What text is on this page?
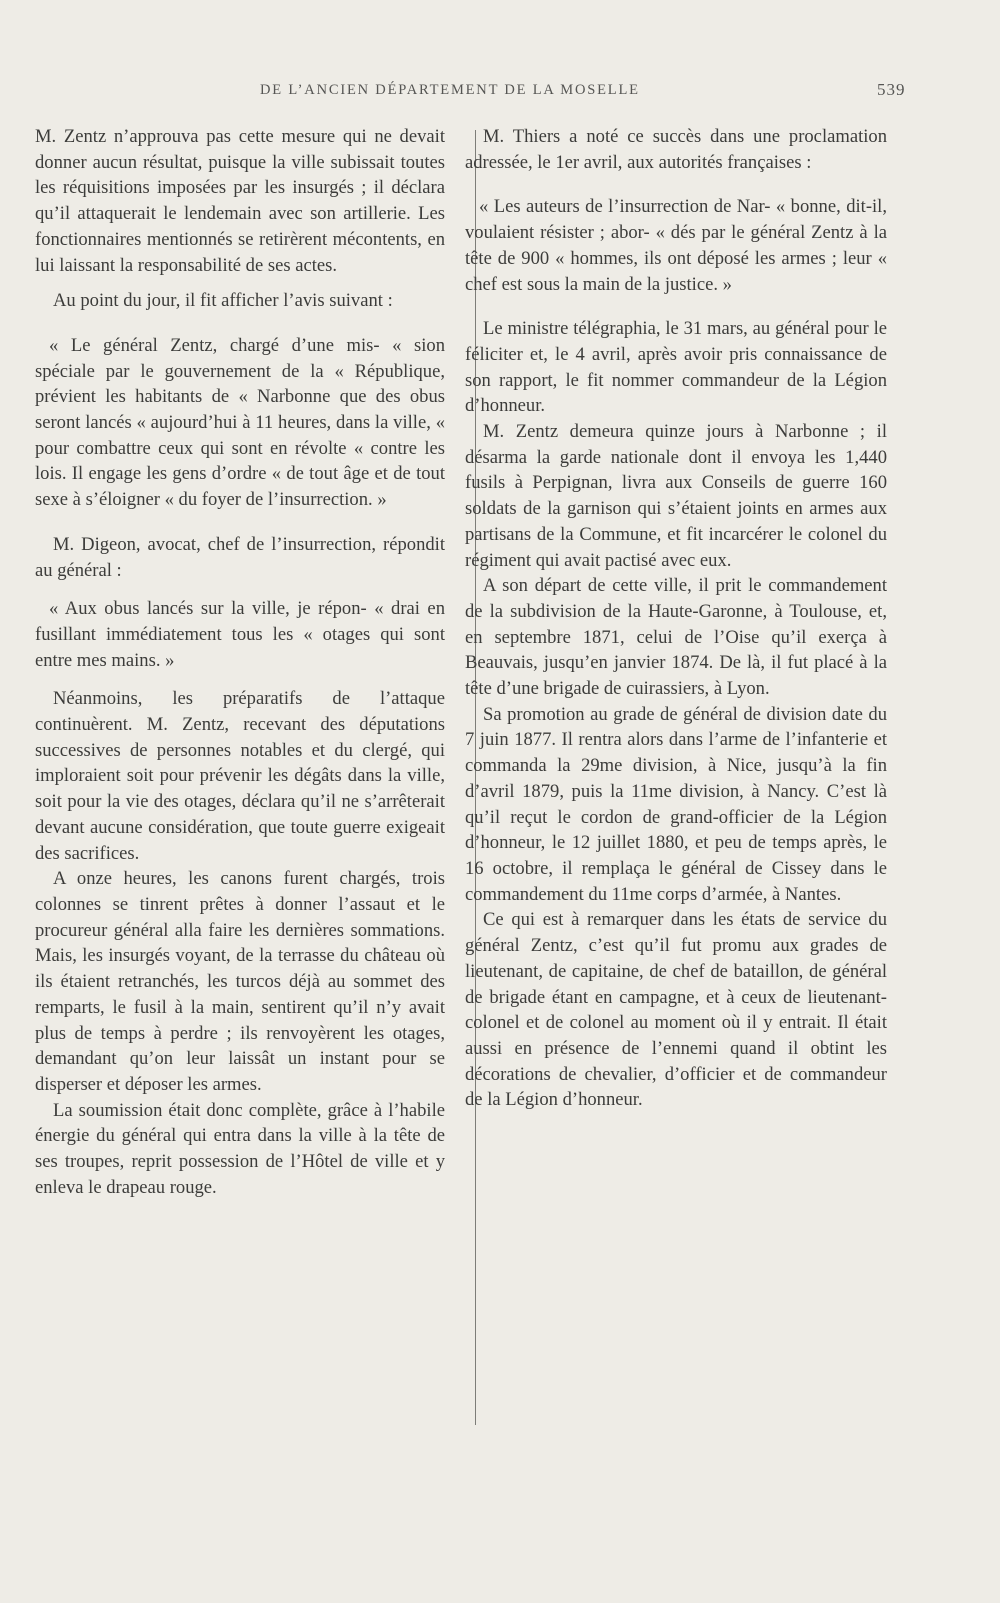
DE L’ANCIEN DÉPARTEMENT DE LA MOSELLE	539

M. Zentz n’approuva pas cette mesure qui ne devait donner aucun résultat, puisque la ville subissait toutes les réquisitions imposées par les insurgés ; il déclara qu’il attaquerait le lendemain avec son artillerie. Les fonctionnaires mentionnés se retirèrent mécontents, en lui laissant la responsabilité de ses actes.

Au point du jour, il fit afficher l’avis suivant :

« Le général Zentz, chargé d’une mis- « sion spéciale par le gouvernement de la « République, prévient les habitants de « Narbonne que des obus seront lancés « aujourd’hui à 11 heures, dans la ville, « pour combattre ceux qui sont en révolte « contre les lois. Il engage les gens d’ordre « de tout âge et de tout sexe à s’éloigner « du foyer de l’insurrection. »

M. Digeon, avocat, chef de l’insurrection, répondit au général :

« Aux obus lancés sur la ville, je répon- « drai en fusillant immédiatement tous les « otages qui sont entre mes mains. »

Néanmoins, les préparatifs de l’attaque continuèrent. M. Zentz, recevant des députations successives de personnes notables et du clergé, qui imploraient soit pour prévenir les dégâts dans la ville, soit pour la vie des otages, déclara qu’il ne s’arrêterait devant aucune considération, que toute guerre exigeait des sacrifices.

A onze heures, les canons furent chargés, trois colonnes se tinrent prêtes à donner l’assaut et le procureur général alla faire les dernières sommations. Mais, les insurgés voyant, de la terrasse du château où ils étaient retranchés, les turcos déjà au sommet des remparts, le fusil à la main, sentirent qu’il n’y avait plus de temps à perdre ; ils renvoyèrent les otages, demandant qu’on leur laissât un instant pour se disperser et déposer les armes.

La soumission était donc complète, grâce à l’habile énergie du général qui entra dans la ville à la tête de ses troupes, reprit possession de l’Hôtel de ville et y enleva le drapeau rouge.

M. Thiers a noté ce succès dans une proclamation adressée, le 1er avril, aux autorités françaises :

« Les auteurs de l’insurrection de Nar- « bonne, dit-il, voulaient résister ; abor- « dés par le général Zentz à la tête de 900 « hommes, ils ont déposé les armes ; leur « chef est sous la main de la justice. »

Le ministre télégraphia, le 31 mars, au général pour le féliciter et, le 4 avril, après avoir pris connaissance de son rapport, le fit nommer commandeur de la Légion d’honneur.

M. Zentz demeura quinze jours à Narbonne ; il désarma la garde nationale dont il envoya les 1,440 fusils à Perpignan, livra aux Conseils de guerre 160 soldats de la garnison qui s’étaient joints en armes aux partisans de la Commune, et fit incarcérer le colonel du régiment qui avait pactisé avec eux.

A son départ de cette ville, il prit le commandement de la subdivision de la Haute-Garonne, à Toulouse, et, en septembre 1871, celui de l’Oise qu’il exerça à Beauvais, jusqu’en janvier 1874. De là, il fut placé à la tête d’une brigade de cuirassiers, à Lyon.

Sa promotion au grade de général de division date du 7 juin 1877. Il rentra alors dans l’arme de l’infanterie et commanda la 29me division, à Nice, jusqu’à la fin d’avril 1879, puis la 11me division, à Nancy. C’est là qu’il reçut le cordon de grand-officier de la Légion d’honneur, le 12 juillet 1880, et peu de temps après, le 16 octobre, il remplaça le général de Cissey dans le commandement du 11me corps d’armée, à Nantes.

Ce qui est à remarquer dans les états de service du général Zentz, c’est qu’il fut promu aux grades de lieutenant, de capitaine, de chef de bataillon, de général de brigade étant en campagne, et à ceux de lieutenant-colonel et de colonel au moment où il y entrait. Il était aussi en présence de l’ennemi quand il obtint les décorations de chevalier, d’officier et de commandeur de la Légion d’honneur.
